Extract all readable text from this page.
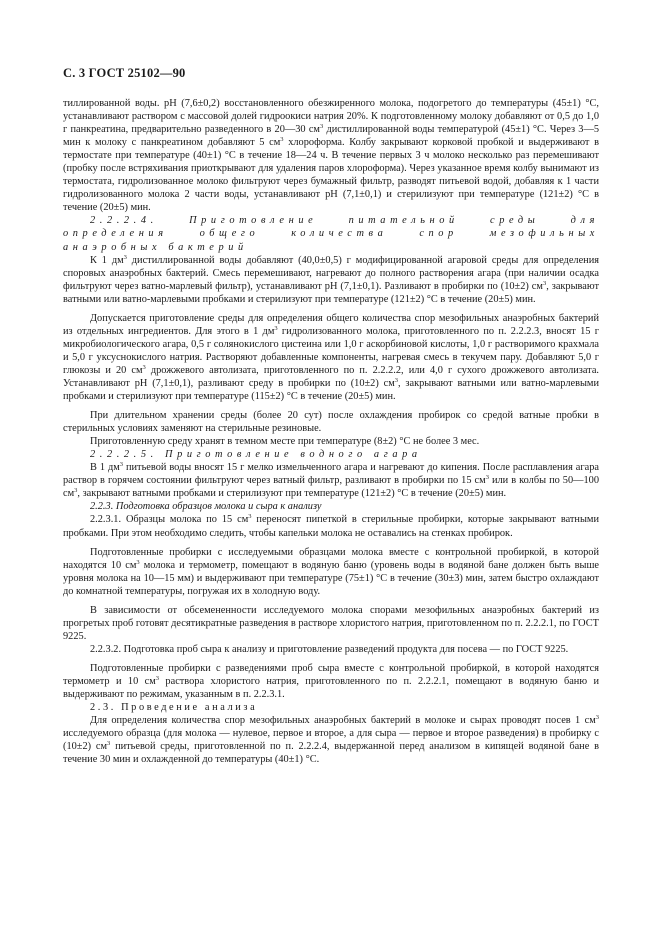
С. 3 ГОСТ 25102—90

тиллированной воды. pH (7,6±0,2) восстановленного обезжиренного молока, подогретого до температуры (45±1) °С, устанавливают раствором с массовой долей гидроокиси натрия 20%. К подготовленному молоку добавляют от 0,5 до 1,0 г панкреатина, предварительно разведенного в 20—30 $см^3$ дистиллированной воды температурой (45±1) °С. Через 3—5 мин к молоку с панкреатином добавляют 5 $см^3$ хлороформа. Колбу закрывают корковой пробкой и выдерживают в термостате при температуре (40±1) °С в течение 18—24 ч. В течение первых 3 ч молоко несколько раз перемешивают (пробку после встряхивания приоткрывают для удаления паров хлороформа). Через указанное время колбу вынимают из термостата, гидролизованное молоко фильтруют через бумажный фильтр, разводят питьевой водой, добавляя к 1 части гидролизованного молока 2 части воды, устанавливают pH (7,1±0,1) и стерилизуют при температуре (121±2) °С в течение (20±5) мин.

2.2.2.4. Приготовление питательной среды для определения общего количества спор мезофильных анаэробных бактерий

К 1 $дм^3$ дистиллированной воды добавляют (40,0±0,5) г модифицированной агаровой среды для определения споровых анаэробных бактерий. Смесь перемешивают, нагревают до полного растворения агара (при наличии осадка фильтруют через ватно-марлевый фильтр), устанавливают pH (7,1±0,1). Разливают в пробирки по (10±2) $см^3$, закрывают ватными или ватно-марлевыми пробками и стерилизуют при температуре (121±2) °С в течение (20±5) мин.

Допускается приготовление среды для определения общего количества спор мезофильных анаэробных бактерий из отдельных ингредиентов. Для этого в 1 $дм^3$ гидролизованного молока, приготовленного по п. 2.2.2.3, вносят 15 г микробиологического агара, 0,5 г солянокислого цистеина или 1,0 г аскорбиновой кислоты, 1,0 г растворимого крахмала и 5,0 г уксуснокислого натрия. Растворяют добавленные компоненты, нагревая смесь в текучем пару. Добавляют 5,0 г глюкозы и 20 $см^3$ дрожжевого автолизата, приготовленного по п. 2.2.2.2, или 4,0 г сухого дрожжевого автолизата. Устанавливают pH (7,1±0,1), разливают среду в пробирки по (10±2) $см^3$, закрывают ватными или ватно-марлевыми пробками и стерилизуют при температуре (115±2) °С в течение (20±5) мин.

При длительном хранении среды (более 20 сут) после охлаждения пробирок со средой ватные пробки в стерильных условиях заменяют на стерильные резиновые.

Приготовленную среду хранят в темном месте при температуре (8±2) °С не более 3 мес.

2.2.2.5. Приготовление водного агара

В 1 $дм^3$ питьевой воды вносят 15 г мелко измельченного агара и нагревают до кипения. После расплавления агара раствор в горячем состоянии фильтруют через ватный фильтр, разливают в пробирки по 15 $см^3$ или в колбы по 50—100 $см^3$, закрывают ватными пробками и стерилизуют при температуре (121±2) °С в течение (20±5) мин.

2.2.3. Подготовка образцов молока и сыра к анализу

2.2.3.1. Образцы молока по 15 $см^3$ переносят пипеткой в стерильные пробирки, которые закрывают ватными пробками. При этом необходимо следить, чтобы капельки молока не оставались на стенках пробирок.

Подготовленные пробирки с исследуемыми образцами молока вместе с контрольной пробиркой, в которой находятся 10 $см^3$ молока и термометр, помещают в водяную баню (уровень воды в водяной бане должен быть выше уровня молока на 10—15 мм) и выдерживают при температуре (75±1) °С в течение (30±3) мин, затем быстро охлаждают до комнатной температуры, погружая их в холодную воду.

В зависимости от обсемененности исследуемого молока спорами мезофильных анаэробных бактерий из прогретых проб готовят десятикратные разведения в растворе хлористого натрия, приготовленном по п. 2.2.2.1, по ГОСТ 9225.

2.2.3.2. Подготовка проб сыра к анализу и приготовление разведений продукта для посева — по ГОСТ 9225.

Подготовленные пробирки с разведениями проб сыра вместе с контрольной пробиркой, в которой находятся термометр и 10 $см^3$ раствора хлористого натрия, приготовленного по п. 2.2.2.1, помещают в водяную баню и выдерживают по режимам, указанным в п. 2.2.3.1.

2.3. Проведение анализа

Для определения количества спор мезофильных анаэробных бактерий в молоке и сырах проводят посев 1 $см^3$ исследуемого образца (для молока — нулевое, первое и второе, а для сыра — первое и второе разведения) в пробирку с (10±2) $см^3$ питьевой среды, приготовленной по п. 2.2.2.4, выдержанной перед анализом в кипящей водяной бане в течение 30 мин и охлажденной до температуры (40±1) °С.
